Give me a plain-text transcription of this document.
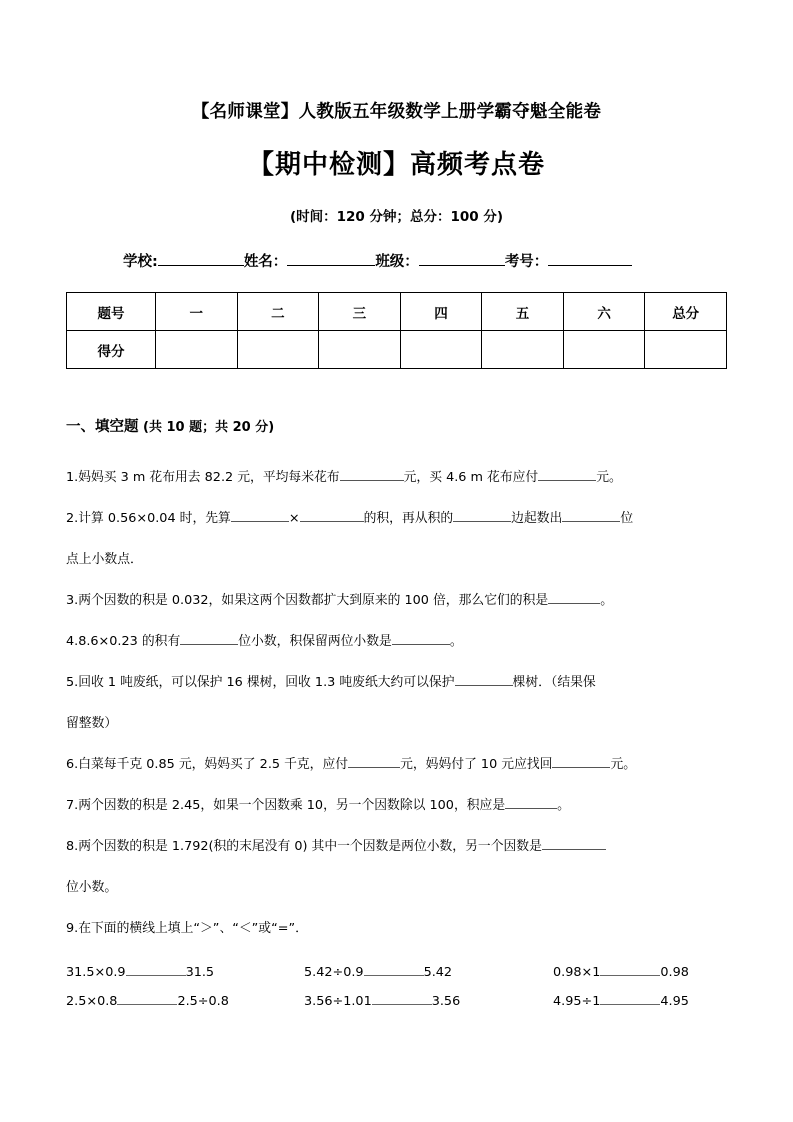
【名师课堂】人教版五年级数学上册学霸夺魁全能卷
【期中检测】高频考点卷
(时间：120 分钟；总分：100 分)
学校:	姓名：	班级：	考号：
题号	一	二	三	四	五	六	总分
得分							
一、填空题 (共 10 题；共 20 分)

1.妈妈买 3 m 花布用去 82.2 元，平均每米花布	元，买 4.6 m 花布应付	元。

2.计算 0.56×0.04 时，先算	×	的积，再从积的	边起数出	位

点上小数点．

3.两个因数的积是 0.032，如果这两个因数都扩大到原来的 100 倍，那么它们的积是	。

4.8.6×0.23 的积有	位小数，积保留两位小数是	。

5.回收 1 吨废纸，可以保护 16 棵树，回收 1.3 吨废纸大约可以保护	棵树．（结果保

留整数）

6.白菜每千克 0.85 元，妈妈买了 2.5 千克，应付	元，妈妈付了 10 元应找回	元。

7.两个因数的积是 2.45，如果一个因数乘 10，另一个因数除以 100，积应是	。

8.两个因数的积是 1.792(积的末尾没有 0) 其中一个因数是两位小数，另一个因数是

位小数。

9.在下面的横线上填上“＞”、“＜”或“=”．

31.5×0.9	31.5	5.42÷0.9	5.42	0.98×1	0.98
2.5×0.8	2.5÷0.8	3.56÷1.01	3.56	4.95÷1	4.95
